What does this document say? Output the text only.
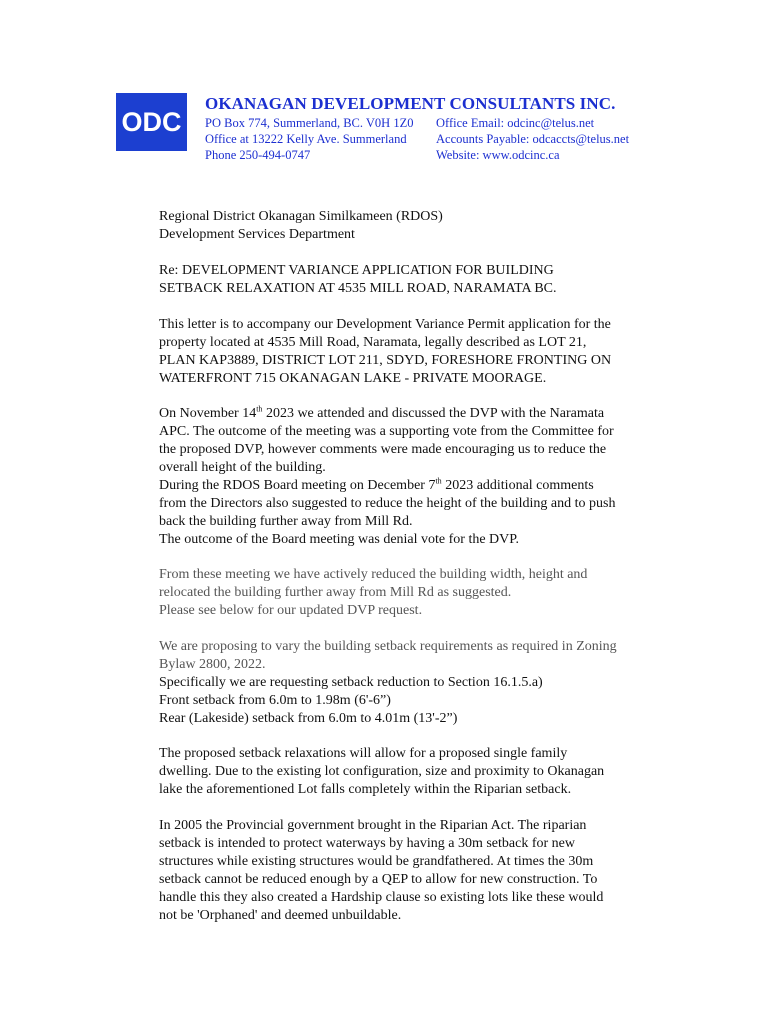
ODC
OKANAGAN DEVELOPMENT CONSULTANTS INC.
PO Box 774, Summerland, BC. V0H 1Z0
Office at 13222 Kelly Ave. Summerland
Phone 250-494-0747
Office Email: odcinc@telus.net
Accounts Payable: odcaccts@telus.net
Website: www.odcinc.ca
Regional District Okanagan Similkameen (RDOS)
Development Services Department
Re: DEVELOPMENT VARIANCE APPLICATION FOR BUILDING
SETBACK RELAXATION AT 4535 MILL ROAD, NARAMATA BC.
This letter is to accompany our Development Variance Permit application for the
property located at 4535 Mill Road, Naramata, legally described as LOT 21,
PLAN KAP3889, DISTRICT LOT 211, SDYD, FORESHORE FRONTING ON
WATERFRONT 715 OKANAGAN LAKE - PRIVATE MOORAGE.
On November 14th 2023 we attended and discussed the DVP with the Naramata
APC. The outcome of the meeting was a supporting vote from the Committee for
the proposed DVP, however comments were made encouraging us to reduce the
overall height of the building.
During the RDOS Board meeting on December 7th 2023 additional comments
from the Directors also suggested to reduce the height of the building and to push
back the building further away from Mill Rd.
The outcome of the Board meeting was denial vote for the DVP.
From these meeting we have actively reduced the building width, height and
relocated the building further away from Mill Rd as suggested.
Please see below for our updated DVP request.
We are proposing to vary the building setback requirements as required in Zoning
Bylaw 2800, 2022.
Specifically we are requesting setback reduction to Section 16.1.5.a)
Front setback from 6.0m to 1.98m (6'-6”)
Rear (Lakeside) setback from 6.0m to 4.01m (13'-2”)
The proposed setback relaxations will allow for a proposed single family
dwelling. Due to the existing lot configuration, size and proximity to Okanagan
lake the aforementioned Lot falls completely within the Riparian setback.
In 2005 the Provincial government brought in the Riparian Act. The riparian
setback is intended to protect waterways by having a 30m setback for new
structures while existing structures would be grandfathered. At times the 30m
setback cannot be reduced enough by a QEP to allow for new construction. To
handle this they also created a Hardship clause so existing lots like these would
not be 'Orphaned' and deemed unbuildable.
